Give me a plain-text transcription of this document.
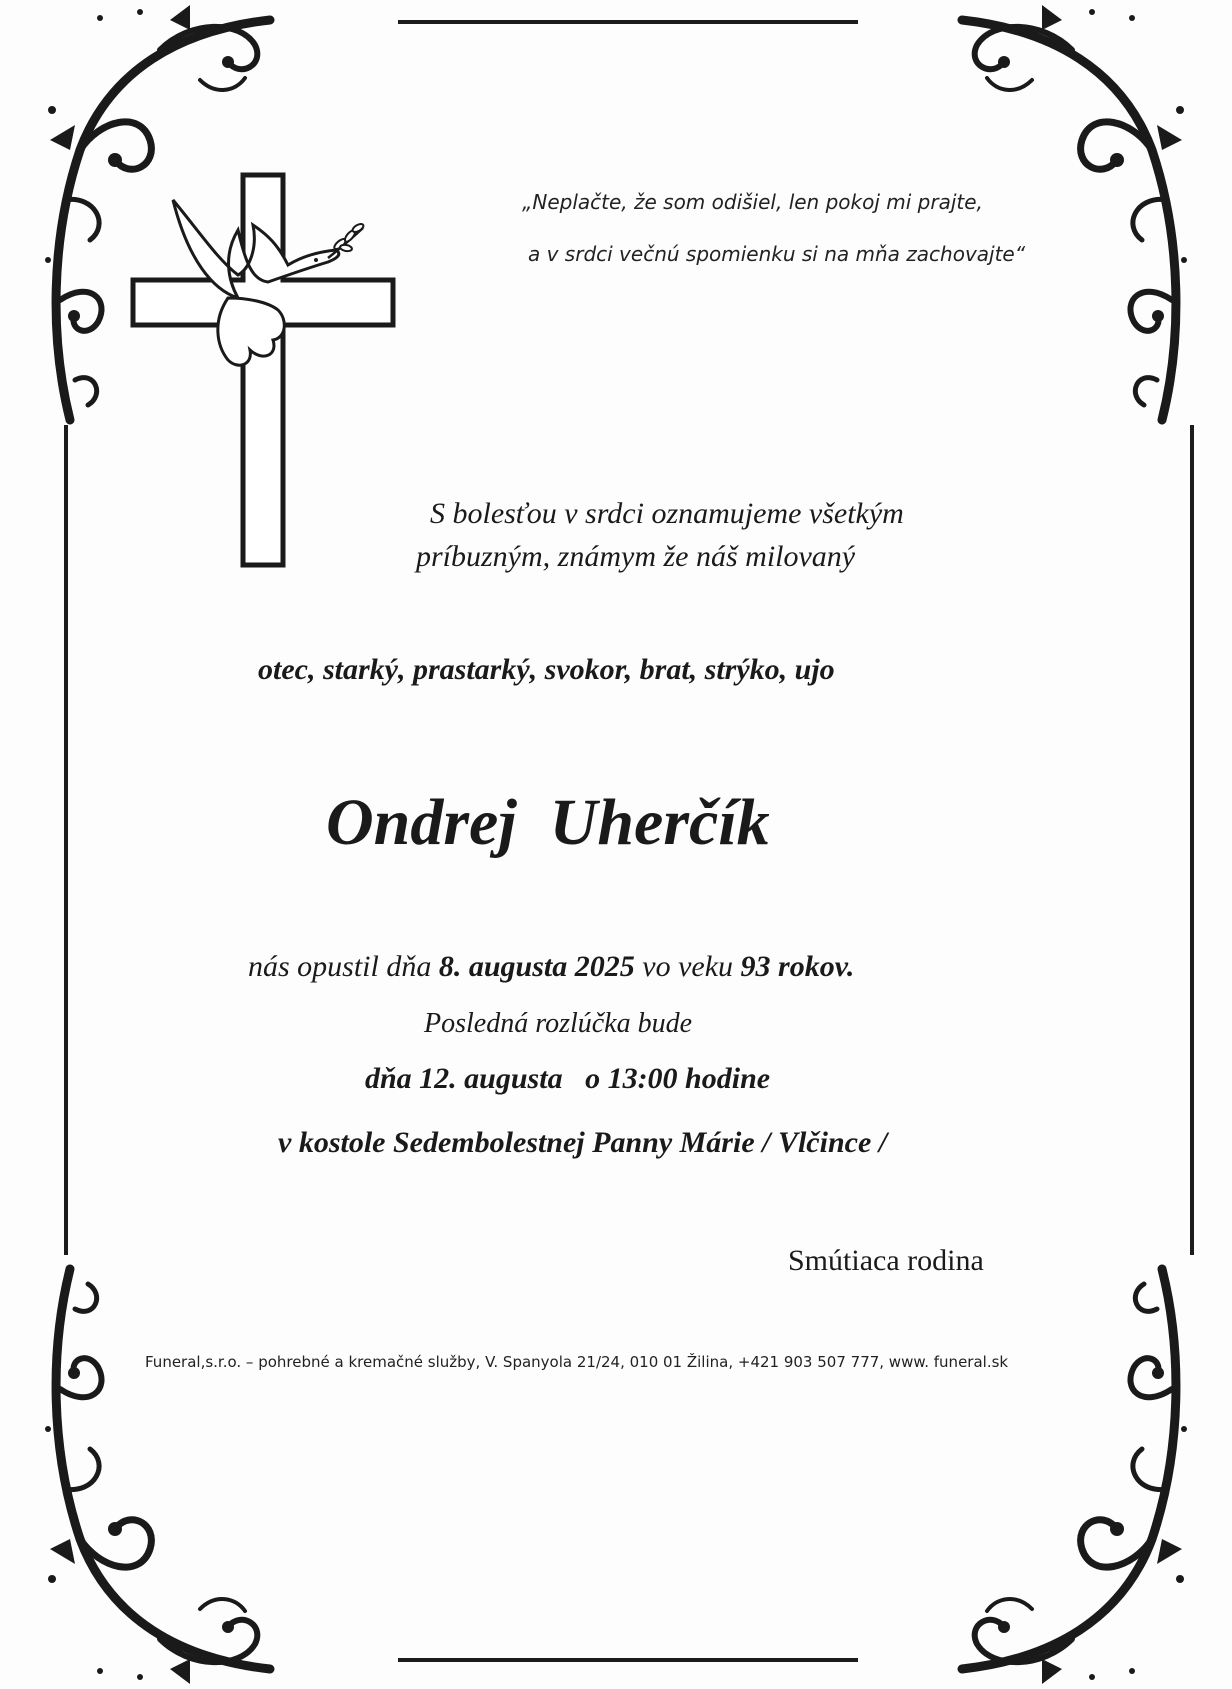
„Neplačte, že som odišiel, len pokoj mi prajte,
a v srdci večnú spomienku si na mňa zachovajte“
S bolesťou v srdci oznamujeme všetkým
príbuzným, známym že náš milovaný
otec, starký, prastarký, svokor, brat, strýko, ujo
Ondrej  Uherčík
nás opustil dňa 8. augusta 2025 vo veku 93 rokov.
Posledná rozlúčka bude
dňa 12. augusta   o 13:00 hodine
v kostole Sedembolestnej Panny Márie / Vlčince /
Smútiaca rodina
Funeral,s.r.o. – pohrebné a kremačné služby, V. Spanyola 21/24, 010 01 Žilina, +421 903 507 777, www. funeral.sk
